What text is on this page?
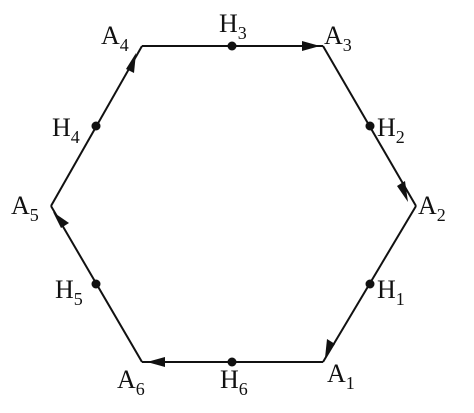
$A_1$
$A_2$
$A_3$
$A_4$
$A_5$
$A_6$
$H_1$
$H_2$
$H_3$
$H_4$
$H_5$
$H_6$
